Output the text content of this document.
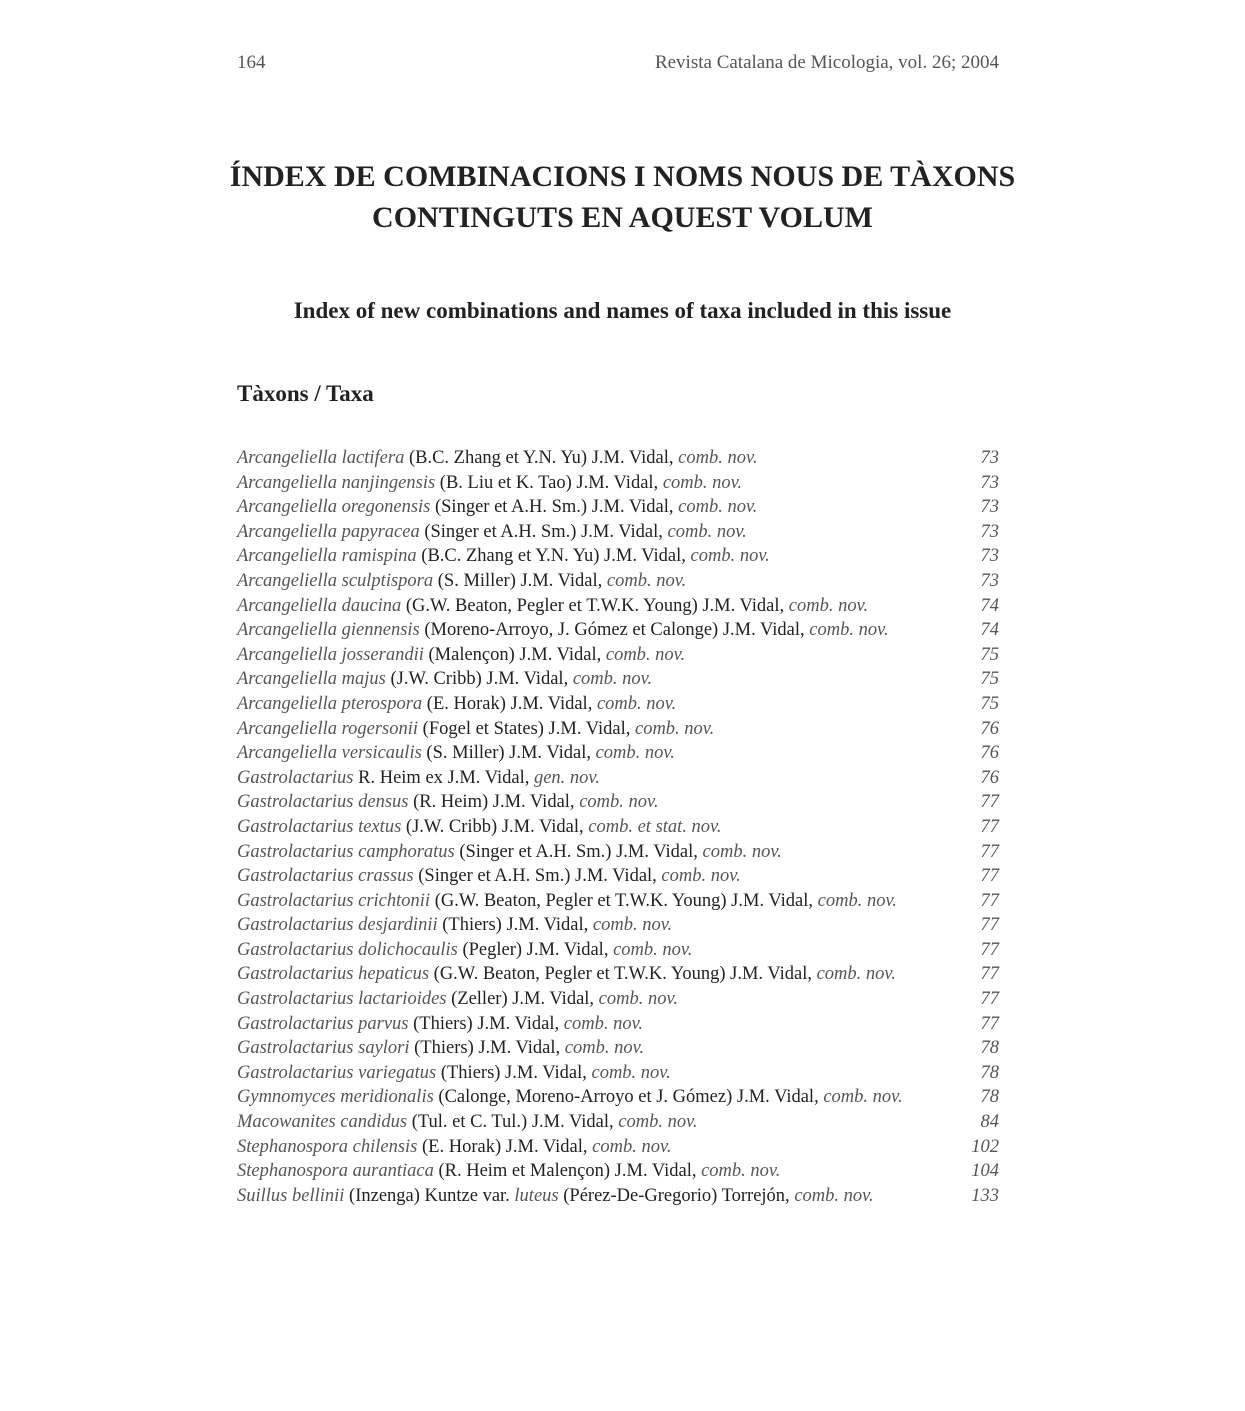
164	Revista Catalana de Micologia, vol. 26; 2004
ÍNDEX DE COMBINACIONS I NOMS NOUS DE TÀXONS
CONTINGUTS EN AQUEST VOLUM
Index of new combinations and names of taxa included in this issue
Tàxons / Taxa
Arcangeliella lactifera (B.C. Zhang et Y.N. Yu) J.M. Vidal, comb. nov.	73
Arcangeliella nanjingensis (B. Liu et K. Tao) J.M. Vidal, comb. nov.	73
Arcangeliella oregonensis (Singer et A.H. Sm.) J.M. Vidal, comb. nov.	73
Arcangeliella papyracea (Singer et A.H. Sm.) J.M. Vidal, comb. nov.	73
Arcangeliella ramispina (B.C. Zhang et Y.N. Yu) J.M. Vidal, comb. nov.	73
Arcangeliella sculptispora (S. Miller) J.M. Vidal, comb. nov.	73
Arcangeliella daucina (G.W. Beaton, Pegler et T.W.K. Young) J.M. Vidal, comb. nov.	74
Arcangeliella giennensis (Moreno-Arroyo, J. Gómez et Calonge) J.M. Vidal, comb. nov.	74
Arcangeliella josserandii (Malençon) J.M. Vidal, comb. nov.	75
Arcangeliella majus (J.W. Cribb) J.M. Vidal, comb. nov.	75
Arcangeliella pterospora (E. Horak) J.M. Vidal, comb. nov.	75
Arcangeliella rogersonii (Fogel et States) J.M. Vidal, comb. nov.	76
Arcangeliella versicaulis (S. Miller) J.M. Vidal, comb. nov.	76
Gastrolactarius R. Heim ex J.M. Vidal, gen. nov.	76
Gastrolactarius densus (R. Heim) J.M. Vidal, comb. nov.	77
Gastrolactarius textus (J.W. Cribb) J.M. Vidal, comb. et stat. nov.	77
Gastrolactarius camphoratus (Singer et A.H. Sm.) J.M. Vidal, comb. nov.	77
Gastrolactarius crassus (Singer et A.H. Sm.) J.M. Vidal, comb. nov.	77
Gastrolactarius crichtonii (G.W. Beaton, Pegler et T.W.K. Young) J.M. Vidal, comb. nov.	77
Gastrolactarius desjardinii (Thiers) J.M. Vidal, comb. nov.	77
Gastrolactarius dolichocaulis (Pegler) J.M. Vidal, comb. nov.	77
Gastrolactarius hepaticus (G.W. Beaton, Pegler et T.W.K. Young) J.M. Vidal, comb. nov.	77
Gastrolactarius lactarioides (Zeller) J.M. Vidal, comb. nov.	77
Gastrolactarius parvus (Thiers) J.M. Vidal, comb. nov.	77
Gastrolactarius saylori (Thiers) J.M. Vidal, comb. nov.	78
Gastrolactarius variegatus (Thiers) J.M. Vidal, comb. nov.	78
Gymnomyces meridionalis (Calonge, Moreno-Arroyo et J. Gómez) J.M. Vidal, comb. nov.	78
Macowanites candidus (Tul. et C. Tul.) J.M. Vidal, comb. nov.	84
Stephanospora chilensis (E. Horak) J.M. Vidal, comb. nov.	102
Stephanospora aurantiaca (R. Heim et Malençon) J.M. Vidal, comb. nov.	104
Suillus bellinii (Inzenga) Kuntze var. luteus (Pérez-De-Gregorio) Torrejón, comb. nov.	133
